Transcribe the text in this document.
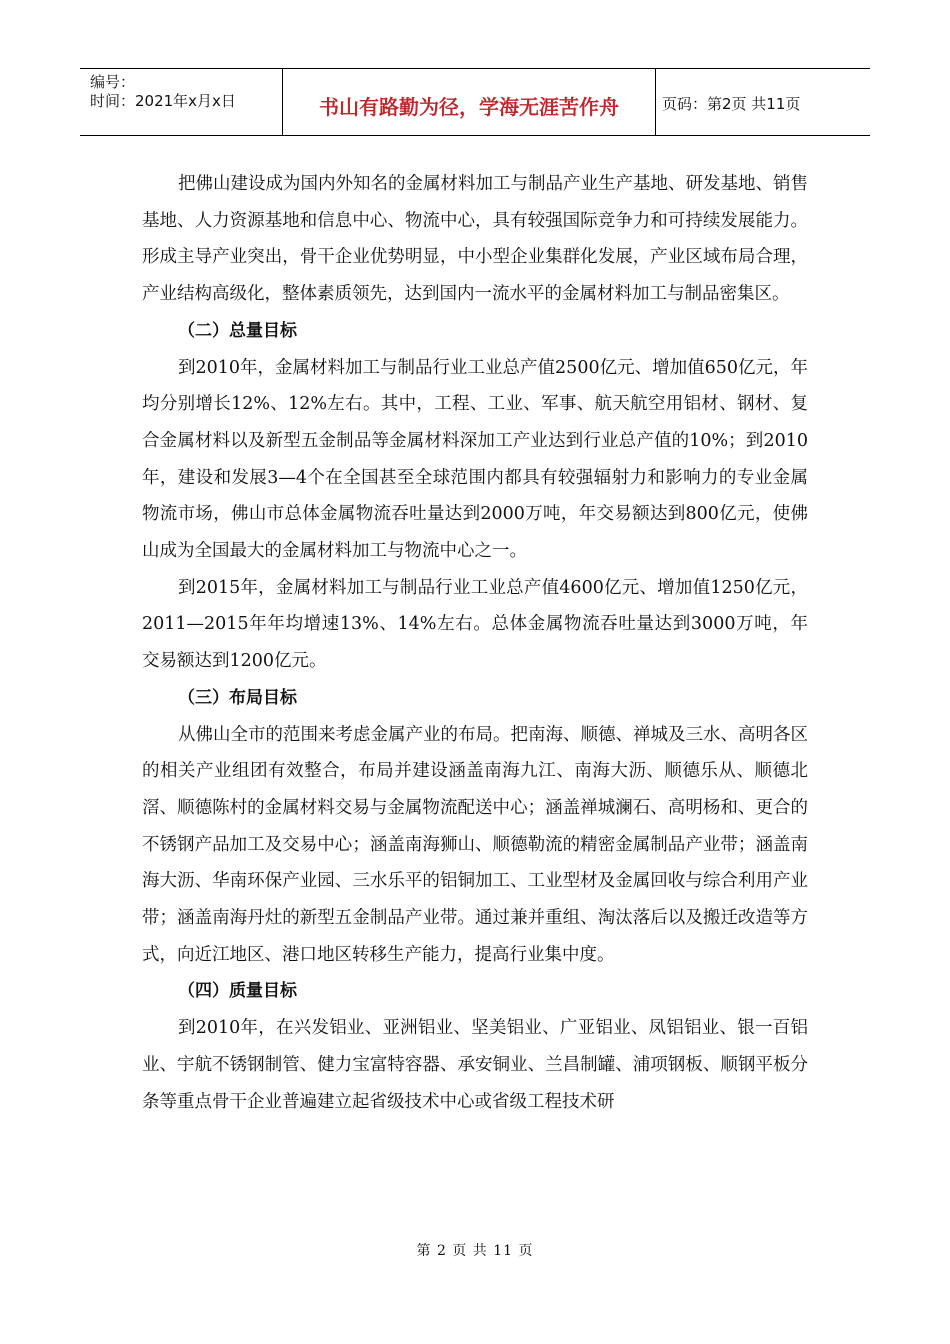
编号：
时间：2021年x月x日	书山有路勤为径，学海无涯苦作舟	页码：第2页 共11页

把佛山建设成为国内外知名的金属材料加工与制品产业生产基地、研发基地、销售基地、人力资源基地和信息中心、物流中心，具有较强国际竞争力和可持续发展能力。形成主导产业突出，骨干企业优势明显，中小型企业集群化发展，产业区域布局合理，产业结构高级化，整体素质领先，达到国内一流水平的金属材料加工与制品密集区。

（二）总量目标

到2010年，金属材料加工与制品行业工业总产值2500亿元、增加值650亿元，年均分别增长12%、12%左右。其中，工程、工业、军事、航天航空用铝材、钢材、复合金属材料以及新型五金制品等金属材料深加工产业达到行业总产值的10%；到2010年，建设和发展3—4个在全国甚至全球范围内都具有较强辐射力和影响力的专业金属物流市场，佛山市总体金属物流吞吐量达到2000万吨，年交易额达到800亿元，使佛山成为全国最大的金属材料加工与物流中心之一。

到2015年，金属材料加工与制品行业工业总产值4600亿元、增加值1250亿元，2011—2015年年均增速13%、14%左右。总体金属物流吞吐量达到3000万吨，年交易额达到1200亿元。

（三）布局目标

从佛山全市的范围来考虑金属产业的布局。把南海、顺德、禅城及三水、高明各区的相关产业组团有效整合，布局并建设涵盖南海九江、南海大沥、顺德乐从、顺德北滘、顺德陈村的金属材料交易与金属物流配送中心；涵盖禅城澜石、高明杨和、更合的不锈钢产品加工及交易中心；涵盖南海狮山、顺德勒流的精密金属制品产业带；涵盖南海大沥、华南环保产业园、三水乐平的铝铜加工、工业型材及金属回收与综合利用产业带；涵盖南海丹灶的新型五金制品产业带。通过兼并重组、淘汰落后以及搬迁改造等方式，向近江地区、港口地区转移生产能力，提高行业集中度。

（四）质量目标

到2010年，在兴发铝业、亚洲铝业、坚美铝业、广亚铝业、凤铝铝业、银一百铝业、宇航不锈钢制管、健力宝富特容器、承安铜业、兰昌制罐、浦项钢板、顺钢平板分条等重点骨干企业普遍建立起省级技术中心或省级工程技术研

第 2 页 共 11 页
